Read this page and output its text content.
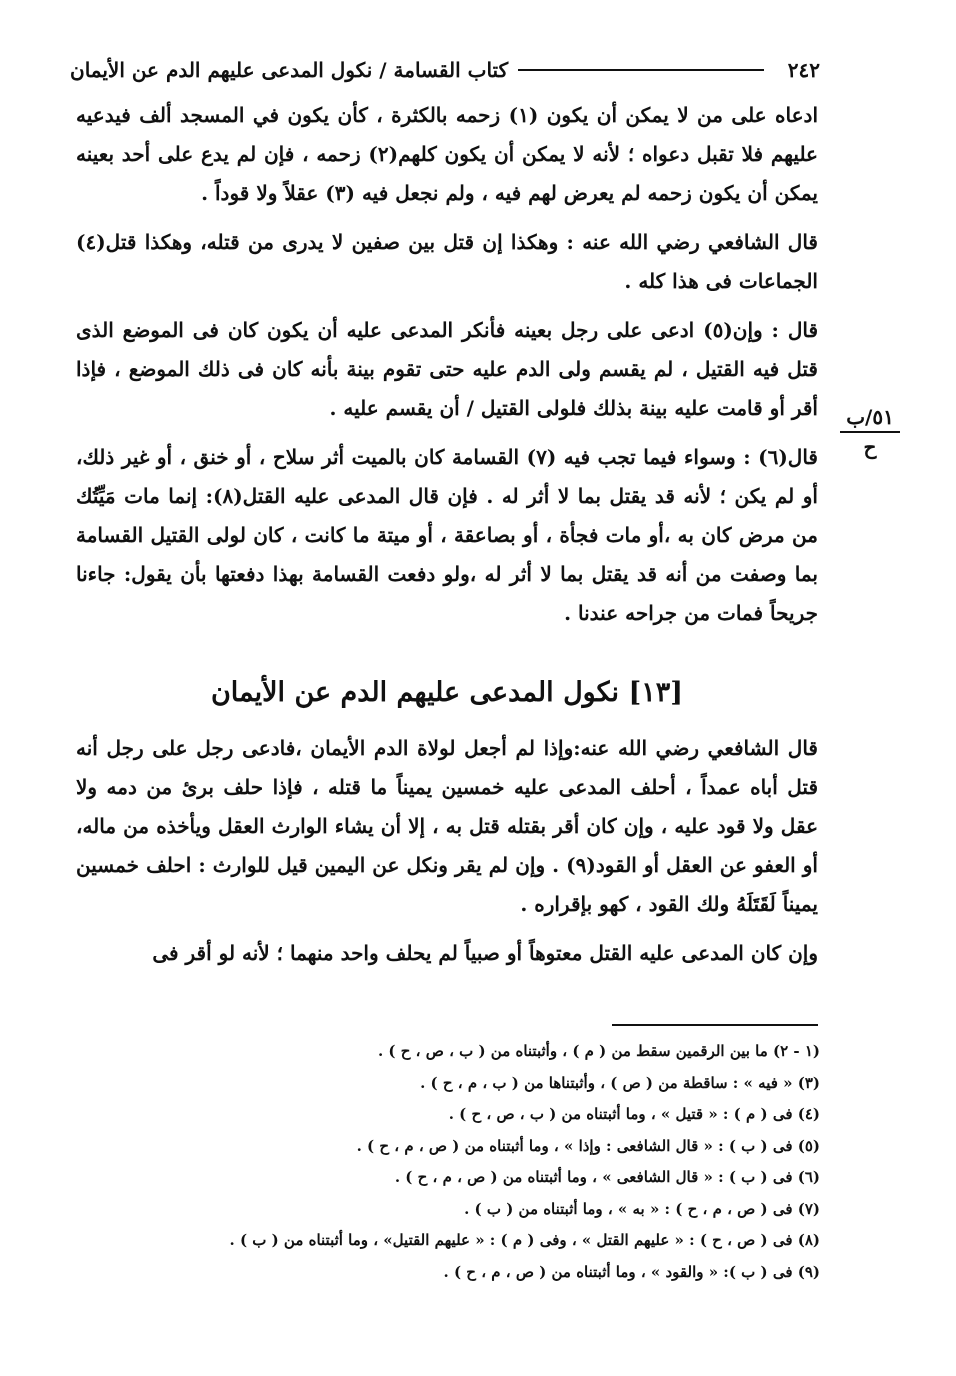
٢٤٢
كتاب القسامة / نكول المدعى عليهم الدم عن الأيمان
٥١/ب
ح

ادعاه على من لا يمكن أن يكون (١) زحمه بالكثرة ، كأن يكون في المسجد ألف فيدعيه عليهم فلا تقبل دعواه ؛ لأنه لا يمكن أن يكون كلهم(٢) زحمه ، فإن لم يدع على أحد بعينه يمكن أن يكون زحمه لم يعرض لهم فيه ، ولم نجعل فيه (٣) عقلاً ولا قوداً .

قال الشافعي رضي الله عنه : وهكذا إن قتل بين صفين لا يدرى من قتله، وهكذا قتل(٤) الجماعات فى هذا كله .

قال : وإن(٥) ادعى على رجل بعينه فأنكر المدعى عليه أن يكون كان فى الموضع الذى قتل فيه القتيل ، لم يقسم ولى الدم عليه حتى تقوم بينة بأنه كان فى ذلك الموضع ، فإذا أقر أو قامت عليه بينة بذلك فلولى القتيل / أن يقسم عليه .

قال(٦) : وسواء فيما تجب فيه (٧) القسامة كان بالميت أثر سلاح ، أو خنق ، أو غير ذلك، أو لم يكن ؛ لأنه قد يقتل بما لا أثر له . فإن قال المدعى عليه القتل(٨): إنما مات مَيِّتُك من مرض كان به ،أو مات فجأة ، أو بصاعقة ، أو ميتة ما كانت ، كان لولى القتيل القسامة بما وصفت من أنه قد يقتل بما لا أثر له ،ولو دفعت القسامة بهذا دفعتها بأن يقول: جاءنا جريحاً فمات من جراحه عندنا .

[١٣] نكول المدعى عليهم الدم عن الأيمان

قال الشافعي رضي الله عنه:وإذا لم أجعل لولاة الدم الأيمان ،فادعى رجل على رجل أنه قتل أباه عمداً ، أحلف المدعى عليه خمسين يميناً ما قتله ، فإذا حلف برئ من دمه ولا عقل ولا قود عليه ، وإن كان أقر بقتله قتل به ، إلا أن يشاء الوارث العقل ويأخذه من ماله، أو العفو عن العقل أو القود(٩) . وإن لم يقر ونكل عن اليمين قيل للوارث : احلف خمسين يميناً لَقَتَلَهُ ولك القود ، كهو بإقراره .

وإن كان المدعى عليه القتل معتوهاً أو صبياً لم يحلف واحد منهما ؛ لأنه لو أقر فى

(١ - ٢) ما بين الرقمين سقط من ( م ) ، وأثبتناه من ( ب ، ص ، ح ) .

(٣) « فيه » : ساقطة من ( ص ) ، وأثبتناها من ( ب ، م ، ح ) .

(٤) فى ( م ) : « قتيل » ، وما أثبتناه من ( ب ، ص ، ح ) .

(٥) فى ( ب ) : « قال الشافعى : وإذا » ، وما أثبتناه من ( ص ، م ، ح ) .

(٦) فى ( ب ) : « قال الشافعى » ، وما أثبتناه من ( ص ، م ، ح ) .

(٧) فى ( ص ، م ، ح ) : « به » ، وما أثبتناه من ( ب ) .

(٨) فى ( ص ، ح ) : « عليهم القتل » ، وفى ( م ) : « عليهم القتيل» ، وما أثبتناه من ( ب ) .

(٩) فى ( ب ): « والقود » ، وما أثبتناه من ( ص ، م ، ح ) .
